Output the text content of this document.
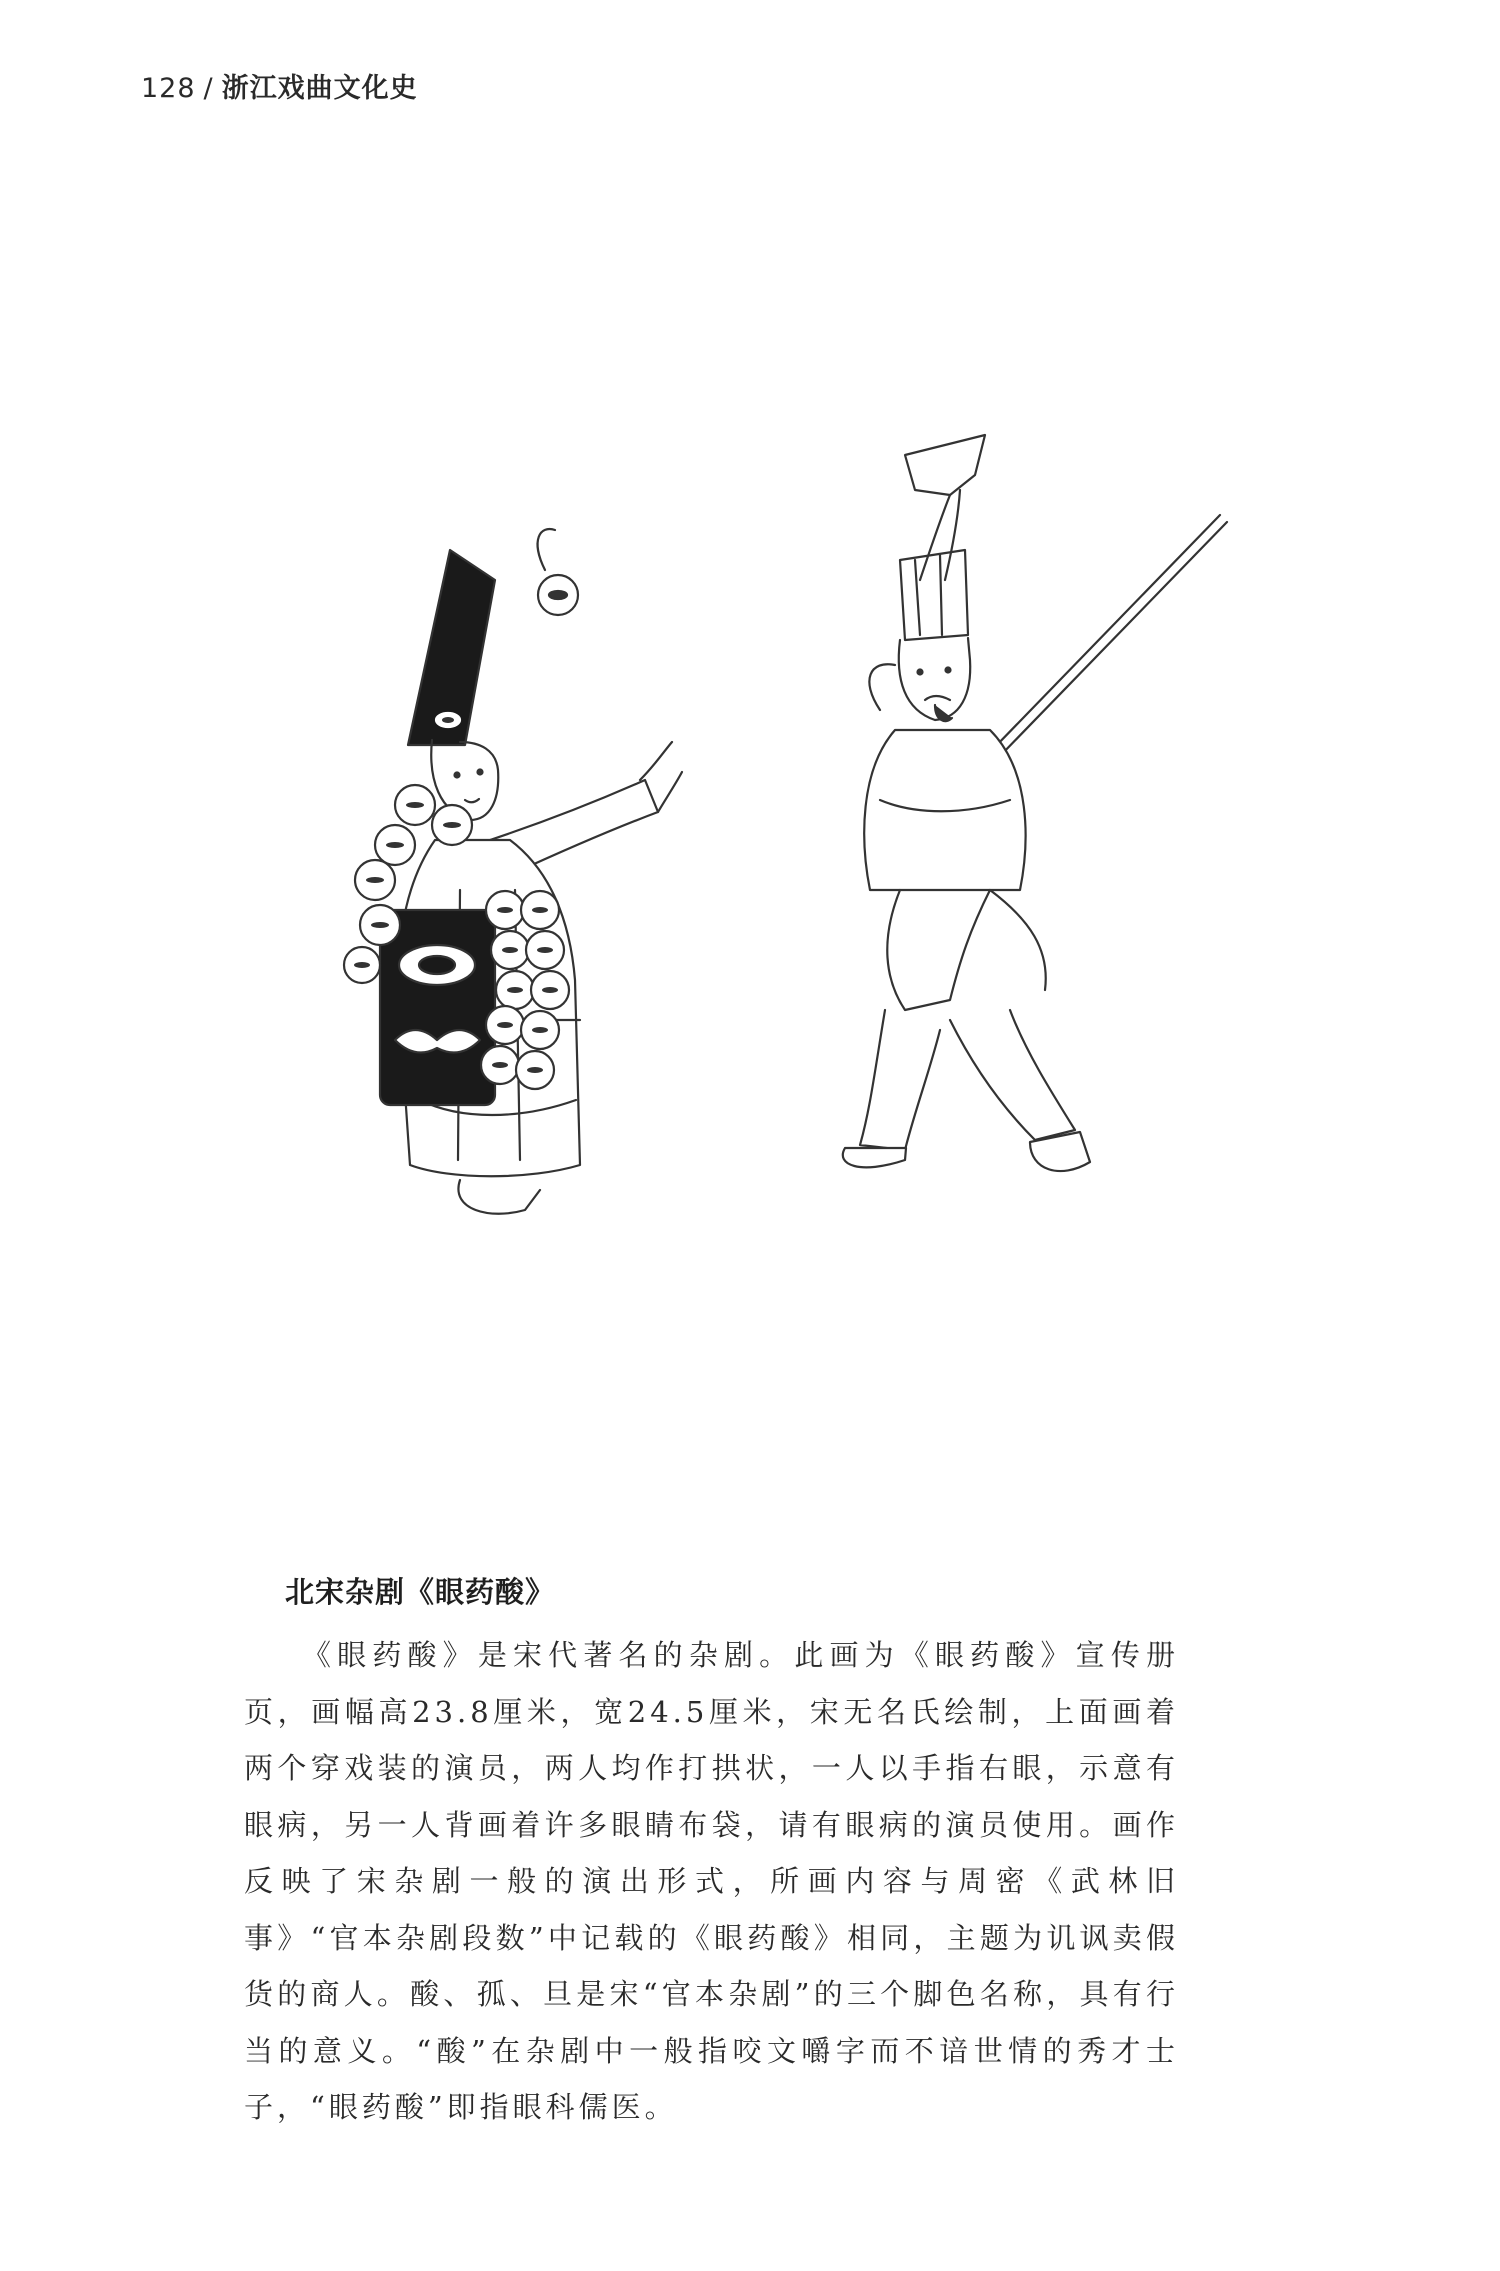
128 / 浙江戏曲文化史
北宋杂剧《眼药酸》

《眼药酸》是宋代著名的杂剧。此画为《眼药酸》宣传册页，画幅高23.8厘米，宽24.5厘米，宋无名氏绘制，上面画着两个穿戏装的演员，两人均作打拱状，一人以手指右眼，示意有眼病，另一人背画着许多眼睛布袋，请有眼病的演员使用。画作反映了宋杂剧一般的演出形式，所画内容与周密《武林旧事》“官本杂剧段数”中记载的《眼药酸》相同，主题为讥讽卖假货的商人。酸、孤、旦是宋“官本杂剧”的三个脚色名称，具有行当的意义。“酸”在杂剧中一般指咬文嚼字而不谙世情的秀才士子，“眼药酸”即指眼科儒医。
